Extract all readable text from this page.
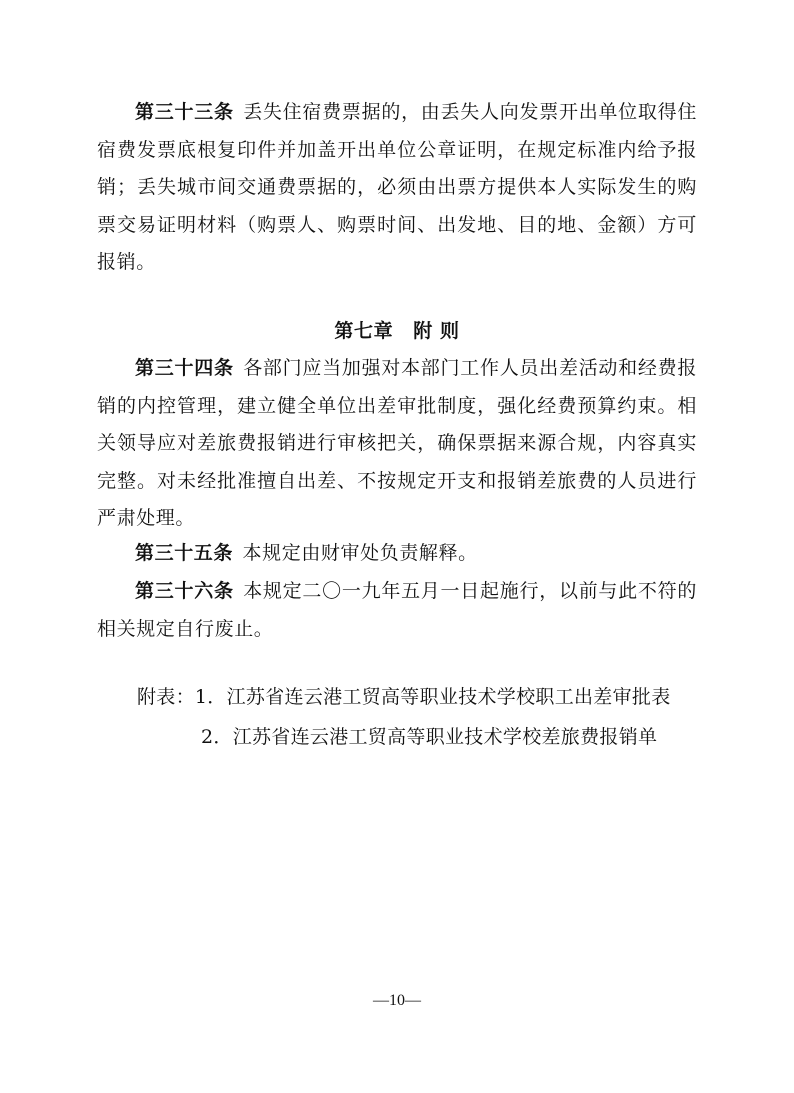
第三十三条 丢失住宿费票据的，由丢失人向发票开出单位取得住宿费发票底根复印件并加盖开出单位公章证明，在规定标准内给予报销；丢失城市间交通费票据的，必须由出票方提供本人实际发生的购票交易证明材料（购票人、购票时间、出发地、目的地、金额）方可报销。

第七章 附 则

第三十四条 各部门应当加强对本部门工作人员出差活动和经费报销的内控管理，建立健全单位出差审批制度，强化经费预算约束。相关领导应对差旅费报销进行审核把关，确保票据来源合规，内容真实完整。对未经批准擅自出差、不按规定开支和报销差旅费的人员进行严肃处理。

第三十五条 本规定由财审处负责解释。

第三十六条 本规定二〇一九年五月一日起施行，以前与此不符的相关规定自行废止。

附表：1．江苏省连云港工贸高等职业技术学校职工出差审批表

2．江苏省连云港工贸高等职业技术学校差旅费报销单

—10—
